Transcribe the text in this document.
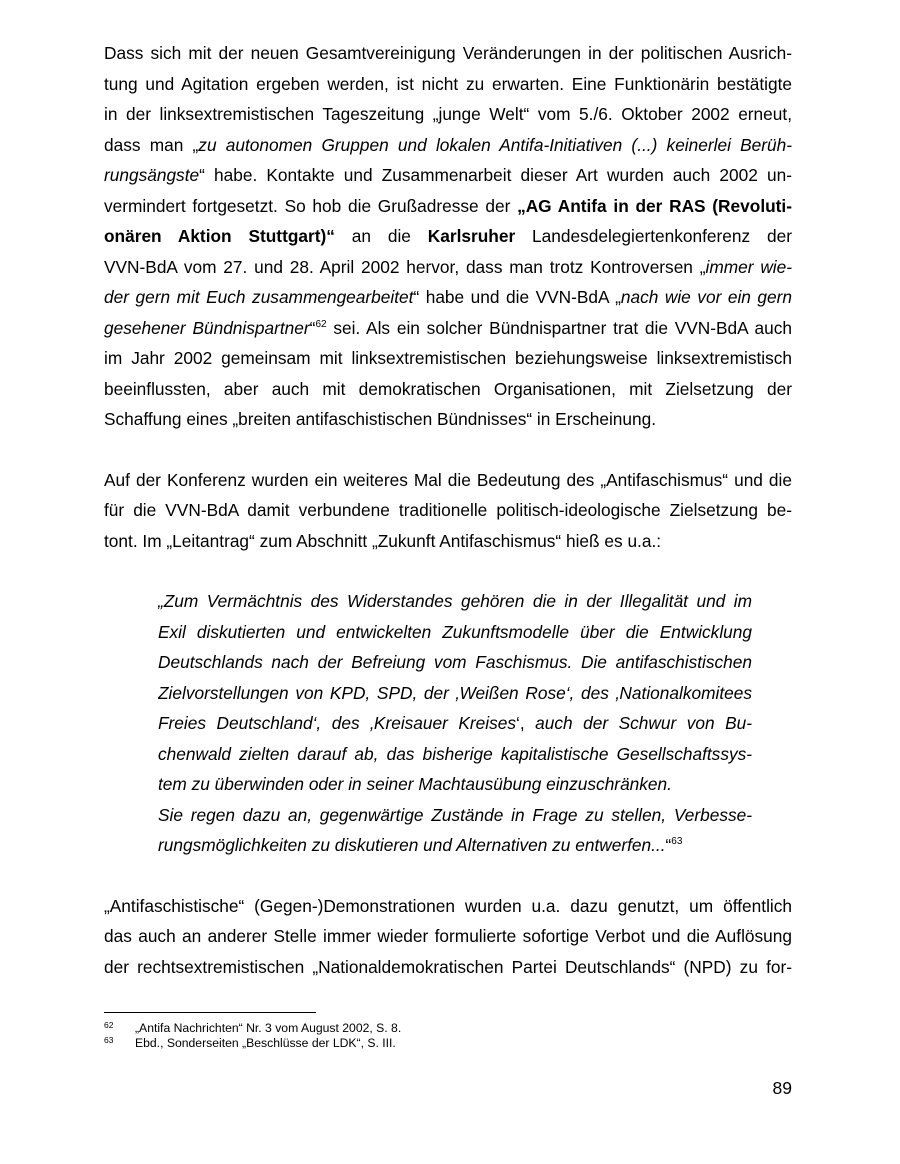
Dass sich mit der neuen Gesamtvereinigung Veränderungen in der politischen Ausrich-
tung und Agitation ergeben werden, ist nicht zu erwarten. Eine Funktionärin bestätigte
in der linksextremistischen Tageszeitung „junge Welt“ vom 5./6. Oktober 2002 erneut,
dass man „zu autonomen Gruppen und lokalen Antifa-Initiativen (...) keinerlei Berüh-
rungsängste“ habe. Kontakte und Zusammenarbeit dieser Art wurden auch 2002 un-
vermindert fortgesetzt. So hob die Grußadresse der „AG Antifa in der RAS (Revoluti-
onären Aktion Stuttgart)“ an die Karlsruher Landesdelegiertenkonferenz der
VVN-BdA vom 27. und 28. April 2002 hervor, dass man trotz Kontroversen „immer wie-
der gern mit Euch zusammengearbeitet“ habe und die VVN-BdA „nach wie vor ein gern
gesehener Bündnispartner“$^{62}$ sei. Als ein solcher Bündnispartner trat die VVN-BdA auch
im Jahr 2002 gemeinsam mit linksextremistischen beziehungsweise linksextremistisch
beeinflussten, aber auch mit demokratischen Organisationen, mit Zielsetzung der
Schaffung eines „breiten antifaschistischen Bündnisses“ in Erscheinung.
Auf der Konferenz wurden ein weiteres Mal die Bedeutung des „Antifaschismus“ und die
für die VVN-BdA damit verbundene traditionelle politisch-ideologische Zielsetzung be-
tont. Im „Leitantrag“ zum Abschnitt „Zukunft Antifaschismus“ hieß es u.a.:
„Zum Vermächtnis des Widerstandes gehören die in der Illegalität und im
Exil diskutierten und entwickelten Zukunftsmodelle über die Entwicklung
Deutschlands nach der Befreiung vom Faschismus. Die antifaschistischen
Zielvorstellungen von KPD, SPD, der ‚Weißen Rose‘, des ‚Nationalkomitees
Freies Deutschland‘, des ‚Kreisauer Kreises‘, auch der Schwur von Bu-
chenwald zielten darauf ab, das bisherige kapitalistische Gesellschaftssys-
tem zu überwinden oder in seiner Machtausübung einzuschränken.
Sie regen dazu an, gegenwärtige Zustände in Frage zu stellen, Verbesse-
rungsmöglichkeiten zu diskutieren und Alternativen zu entwerfen...“$^{63}$
„Antifaschistische“ (Gegen-)Demonstrationen wurden u.a. dazu genutzt, um öffentlich
das auch an anderer Stelle immer wieder formulierte sofortige Verbot und die Auflösung
der rechtsextremistischen „Nationaldemokratischen Partei Deutschlands“ (NPD) zu for-
62 „Antifa Nachrichten“ Nr. 3 vom August 2002, S. 8.
63 Ebd., Sonderseiten „Beschlüsse der LDK“, S. III.
89
